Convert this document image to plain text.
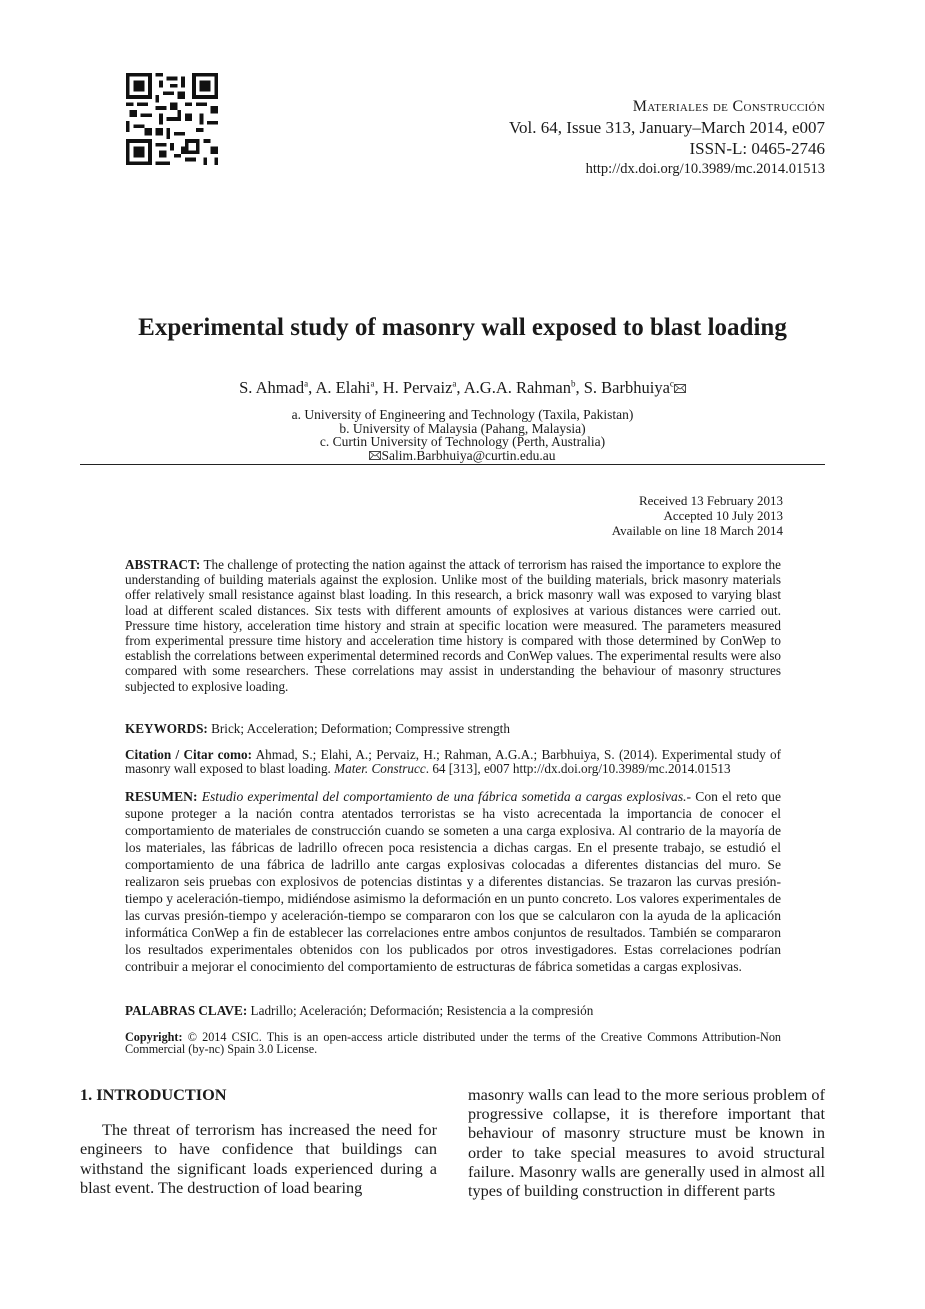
Materiales de Construcción
Vol. 64, Issue 313, January–March 2014, e007
ISSN-L: 0465-2746
http://dx.doi.org/10.3989/mc.2014.01513
Experimental study of masonry wall exposed to blast loading
S. Ahmad$^a$, A. Elahi$^a$, H. Pervaiz$^a$, A.G.A. Rahman$^b$, S. Barbhuiya$^c$
a. University of Engineering and Technology (Taxila, Pakistan)
b. University of Malaysia (Pahang, Malaysia)
c. Curtin University of Technology (Perth, Australia)
Salim.Barbhuiya@curtin.edu.au
Received 13 February 2013
Accepted 10 July 2013
Available on line 18 March 2014
ABSTRACT: The challenge of protecting the nation against the attack of terrorism has raised the importance to explore the understanding of building materials against the explosion. Unlike most of the building materials, brick masonry materials offer relatively small resistance against blast loading. In this research, a brick masonry wall was exposed to varying blast load at different scaled distances. Six tests with different amounts of explosives at various distances were carried out. Pressure time history, acceleration time history and strain at specific location were measured. The parameters measured from experimental pressure time history and acceleration time history is compared with those determined by ConWep to establish the correlations between experimental determined records and ConWep values. The experimental results were also compared with some researchers. These correlations may assist in understanding the behaviour of masonry structures subjected to explosive loading.
KEYWORDS: Brick; Acceleration; Deformation; Compressive strength
Citation / Citar como: Ahmad, S.; Elahi, A.; Pervaiz, H.; Rahman, A.G.A.; Barbhuiya, S. (2014). Experimental study of masonry wall exposed to blast loading. Mater. Construcc. 64 [313], e007 http://dx.doi.org/10.3989/mc.2014.01513
RESUMEN: Estudio experimental del comportamiento de una fábrica sometida a cargas explosivas.- Con el reto que supone proteger a la nación contra atentados terroristas se ha visto acrecentada la importancia de conocer el comportamiento de materiales de construcción cuando se someten a una carga explosiva. Al contrario de la mayoría de los materiales, las fábricas de ladrillo ofrecen poca resistencia a dichas cargas. En el presente trabajo, se estudió el comportamiento de una fábrica de ladrillo ante cargas explosivas colocadas a diferentes distancias del muro. Se realizaron seis pruebas con explosivos de potencias distintas y a diferentes distancias. Se trazaron las curvas presión-tiempo y aceleración-tiempo, midiéndose asimismo la deformación en un punto concreto. Los valores experimentales de las curvas presión-tiempo y aceleración-tiempo se compararon con los que se calcularon con la ayuda de la aplicación informática ConWep a fin de establecer las correlaciones entre ambos conjuntos de resultados. También se compararon los resultados experimentales obtenidos con los publicados por otros investigadores. Estas correlaciones podrían contribuir a mejorar el conocimiento del comportamiento de estructuras de fábrica sometidas a cargas explosivas.
PALABRAS CLAVE: Ladrillo; Aceleración; Deformación; Resistencia a la compresión
Copyright: © 2014 CSIC. This is an open-access article distributed under the terms of the Creative Commons Attribution-Non Commercial (by-nc) Spain 3.0 License.
1. INTRODUCTION

The threat of terrorism has increased the need for engineers to have confidence that buildings can withstand the significant loads experienced during a blast event. The destruction of load bearing

masonry walls can lead to the more serious problem of progressive collapse, it is therefore important that behaviour of masonry structure must be known in order to take special measures to avoid structural failure. Masonry walls are generally used in almost all types of building construction in different parts
